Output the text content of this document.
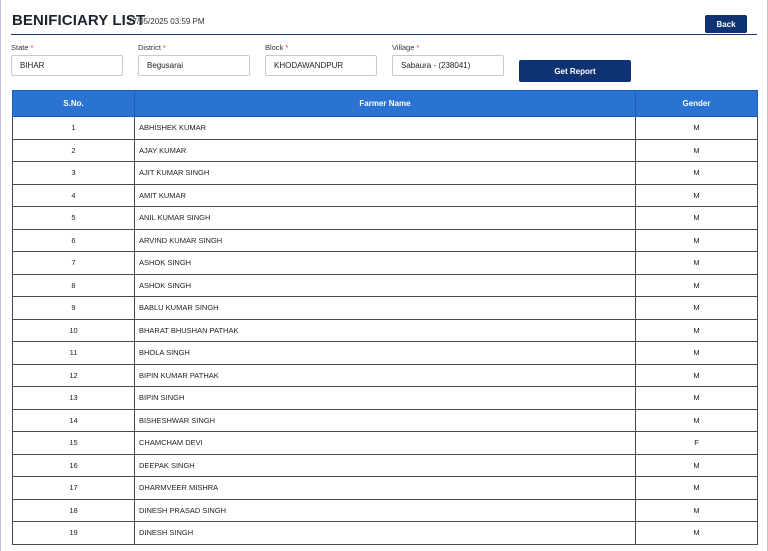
BENIFICIARY LIST
27/05/2025 03:59 PM	Back
State *
BIHAR	District *
Begusarai	Block *
KHODAWANDPUR	Village *
Sabaura - (238041)
Get Report
S.No.	Farmer Name	Gender
1	ABHISHEK KUMAR	M
2	AJAY KUMAR	M
3	AJIT KUMAR SINGH	M
4	AMIT KUMAR	M
5	ANIL KUMAR SINGH	M
6	ARVIND KUMAR SINGH	M
7	ASHOK SINGH	M
8	ASHOK SINGH	M
9	BABLU KUMAR SINGH	M
10	BHARAT BHUSHAN PATHAK	M
11	BHOLA SINGH	M
12	BIPIN KUMAR PATHAK	M
13	BIPIN SINGH	M
14	BISHESHWAR SINGH	M
15	CHAMCHAM DEVI	F
16	DEEPAK SINGH	M
17	DHARMVEER MISHRA	M
18	DINESH PRASAD SINGH	M
19	DINESH SINGH	M
